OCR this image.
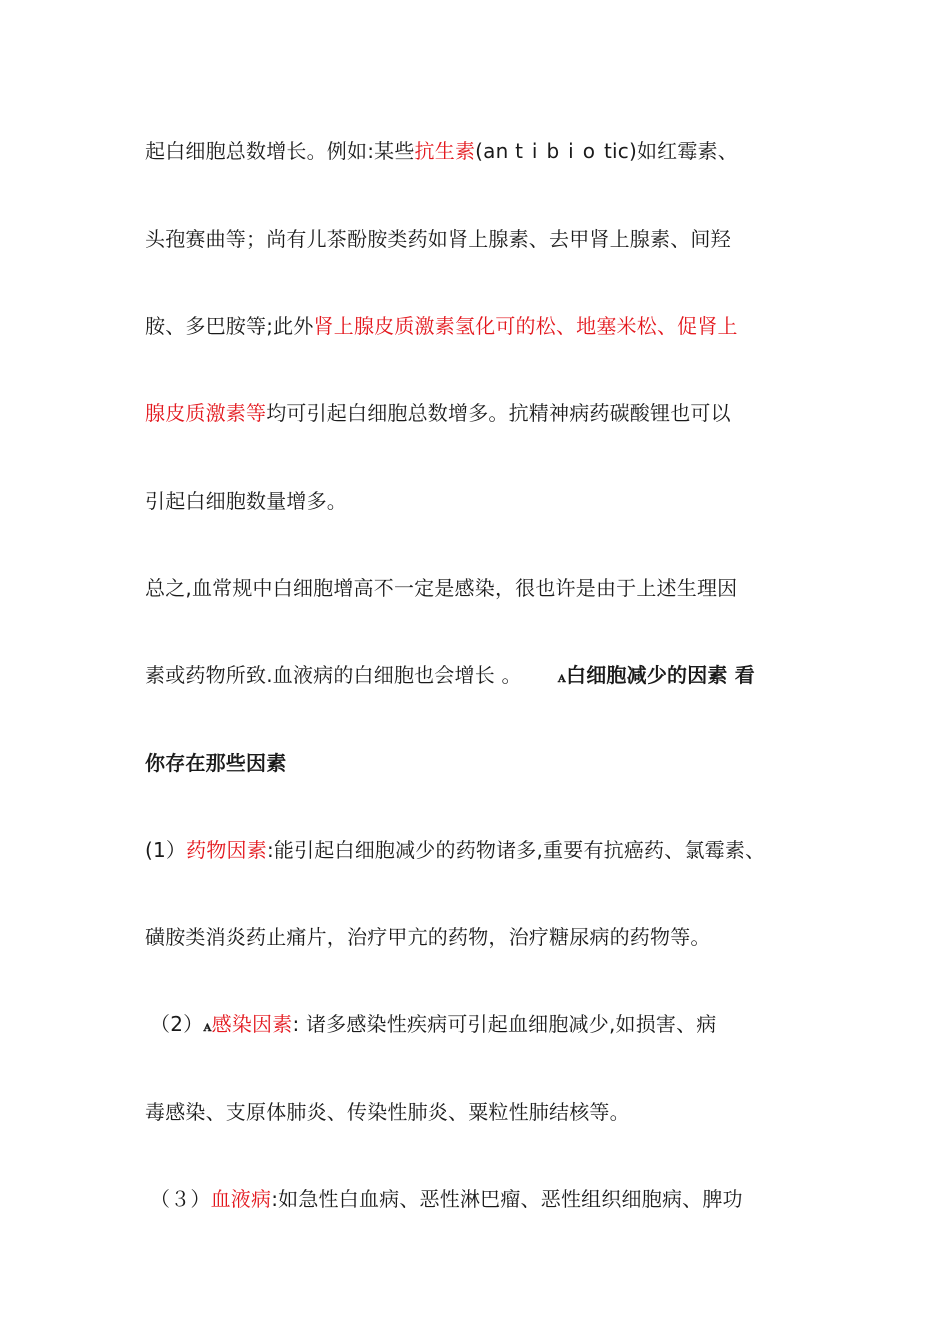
起白细胞总数增长。例如:某些抗生素(an tibiotic)如红霉素、
头孢赛曲等；尚有儿茶酚胺类药如肾上腺素、去甲肾上腺素、间羟
胺、多巴胺等;此外肾上腺皮质激素氢化可的松、地塞米松、促肾上
腺皮质激素等均可引起白细胞总数增多。抗精神病药碳酸锂也可以
引起白细胞数量增多。
总之,血常规中白细胞增高不一定是感染，很也许是由于上述生理因
素或药物所致.血液病的白细胞也会增长 。 ꭺ白细胞减少的因素 看
你存在那些因素
(1）药物因素:能引起白细胞减少的药物诸多,重要有抗癌药、氯霉素、
磺胺类消炎药止痛片，治疗甲亢的药物，治疗糖尿病的药物等。
（2）ꭺ感染因素: 诸多感染性疾病可引起血细胞减少,如损害、病
毒感染、支原体肺炎、传染性肺炎、粟粒性肺结核等。
（３）血液病:如急性白血病、恶性淋巴瘤、恶性组织细胞病、脾功
